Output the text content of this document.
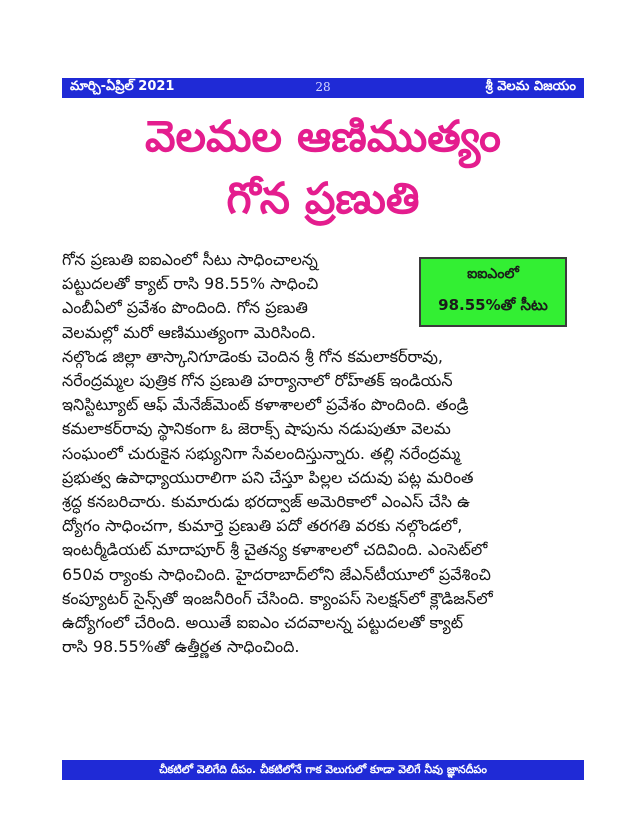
మార్చి-ఏప్రిల్ 2021	28	శ్రీ వెలమ విజయం
వెలమల ఆణిముత్యం
గోన ప్రణుతి
ఐఐఎంలో
98.55%తో సీటు
గోన ప్రణుతి ఐఐఎంలో సీటు సాధించాలన్న
పట్టుదలతో క్యాట్ రాసి 98.55% సాధించి
ఎంబీఏలో ప్రవేశం పొందింది. గోన ప్రణుతి
వెలమల్లో మరో ఆణిముత్యంగా మెరిసింది.
నల్గొండ జిల్లా తాస్కానిగూడెంకు చెందిన శ్రీ గోన కమలాకర్‌రావు,
నరేంద్రమ్మల పుత్రిక గోన ప్రణుతి హర్యానాలో రోహ్‌తక్ ఇండియన్
ఇనిస్టిట్యూట్ ఆఫ్ మేనేజ్‌మెంట్ కళాశాలలో ప్రవేశం పొందింది. తండ్రి
కమలాకర్‌రావు స్థానికంగా ఓ జెరాక్స్ షాపును నడుపుతూ వెలమ
సంఘంలో చురుకైన సభ్యునిగా సేవలందిస్తున్నారు. తల్లి నరేంద్రమ్మ
ప్రభుత్వ ఉపాధ్యాయురాలిగా పని చేస్తూ పిల్లల చదువు పట్ల మరింత
శ్రద్ధ కనబరిచారు. కుమారుడు భరద్వాజ్ అమెరికాలో ఎంఎస్ చేసి ఉ
ద్యోగం సాధించగా, కుమార్తె ప్రణుతి పదో తరగతి వరకు నల్గొండలో,
ఇంటర్మీడియట్ మాదాపూర్ శ్రీ చైతన్య కళాశాలలో చదివింది. ఎంసెట్‌లో
650వ ర్యాంకు సాధించింది. హైదరాబాద్‌లోని జేఎన్‌టీయూలో ప్రవేశించి
కంప్యూటర్ సైన్స్‌తో ఇంజనీరింగ్ చేసింది. క్యాంపస్ సెలక్షన్‌లో క్లౌడిజన్‌లో
ఉద్యోగంలో చేరింది. అయితే ఐఐఎం చదవాలన్న పట్టుదలతో క్యాట్
రాసి 98.55%తో ఉత్తీర్ణత సాధించింది.
చీకటిలో వెలిగేది దీపం. చీకటిలోనే గాక వెలుగులో కూడా వెలిగే నీవు జ్ఞానదీపం
